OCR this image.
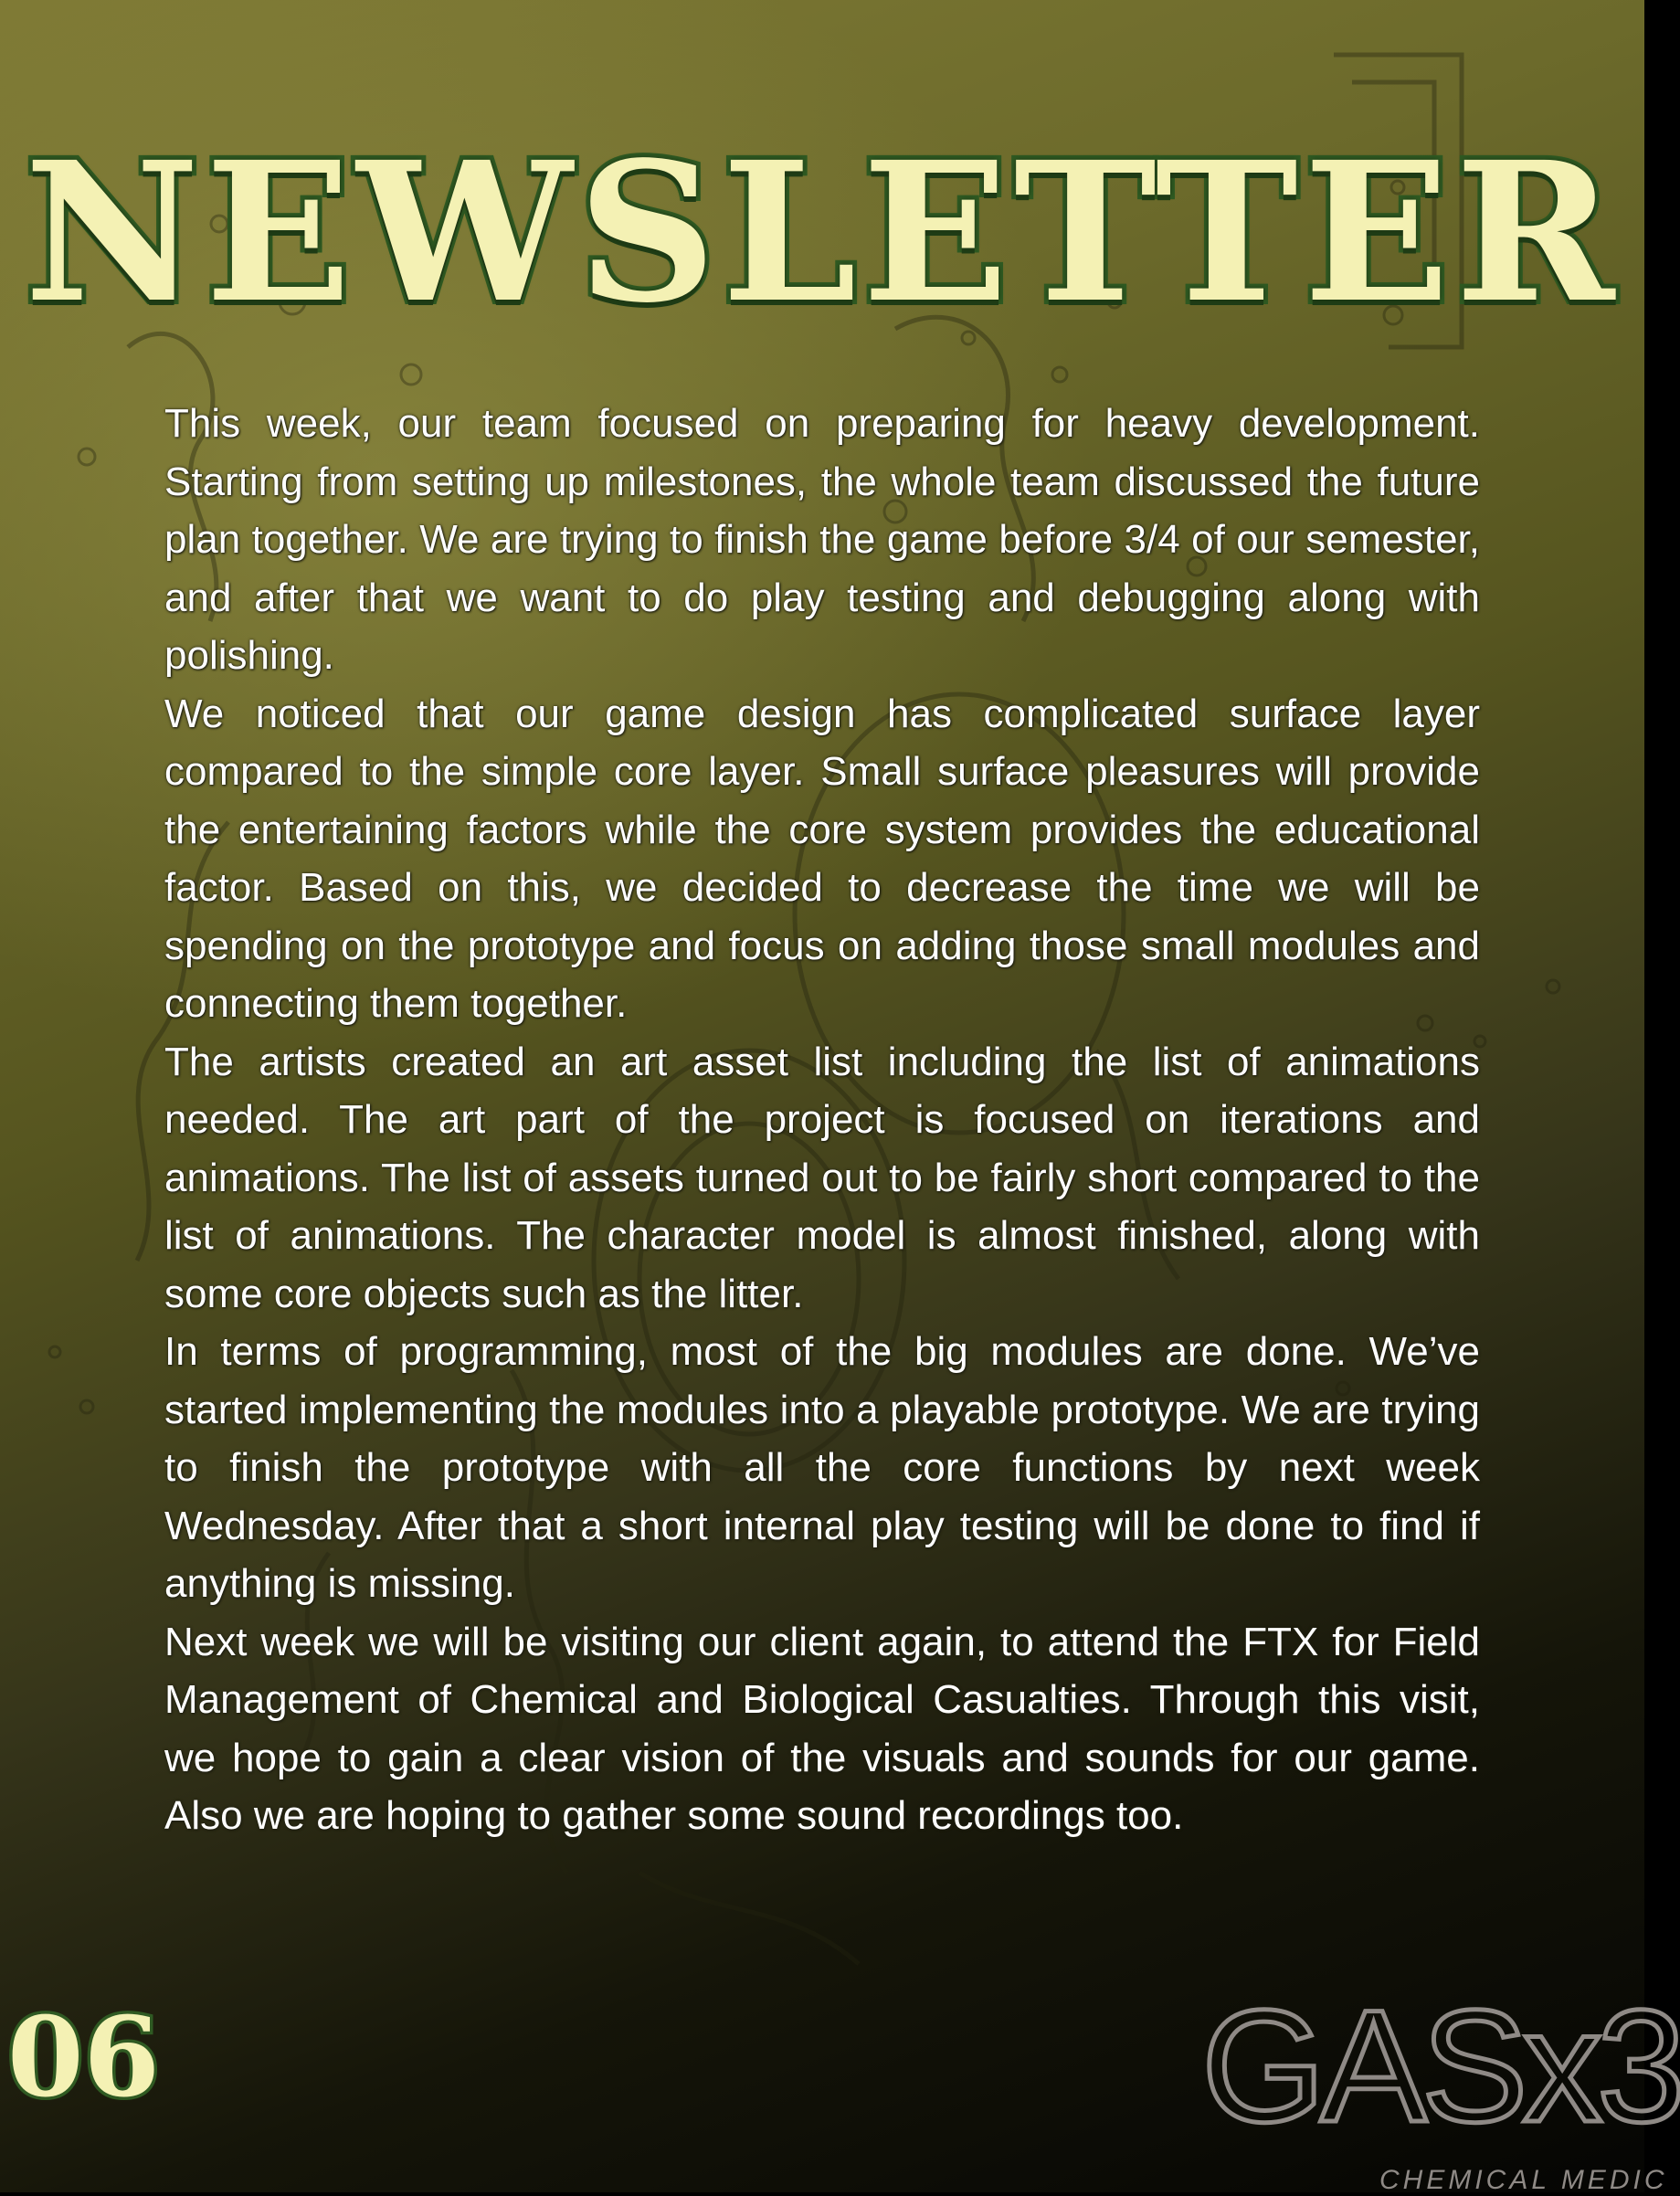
NEWSLETTER

This week, our team focused on preparing for heavy development. Starting from setting up milestones, the whole team discussed the future plan together. We are trying to finish the game before 3/4 of our semester, and after that we want to do play testing and debugging along with polishing.

We noticed that our game design has complicated surface layer compared to the simple core layer. Small surface pleasures will provide the entertaining factors while the core system provides the educational factor. Based on this, we decided to decrease the time we will be spending on the prototype and focus on adding those small modules and connecting them together.

The artists created an art asset list including the list of animations needed. The art part of the project is focused on iterations and animations. The list of assets turned out to be fairly short compared to the list of animations. The character model is almost finished, along with some core objects such as the litter.

In terms of programming, most of the big modules are done. We’ve started implementing the modules into a playable prototype. We are trying to finish the prototype with all the core functions by next week Wednesday. After that a short internal play testing will be done to find if anything is missing.

Next week we will be visiting our client again, to attend the FTX for Field Management of Chemical and Biological Casualties. Through this visit, we hope to gain a clear vision of the visuals and sounds for our game. Also we are hoping to gather some sound recordings too.

06	GASx3
CHEMICAL MEDIC
